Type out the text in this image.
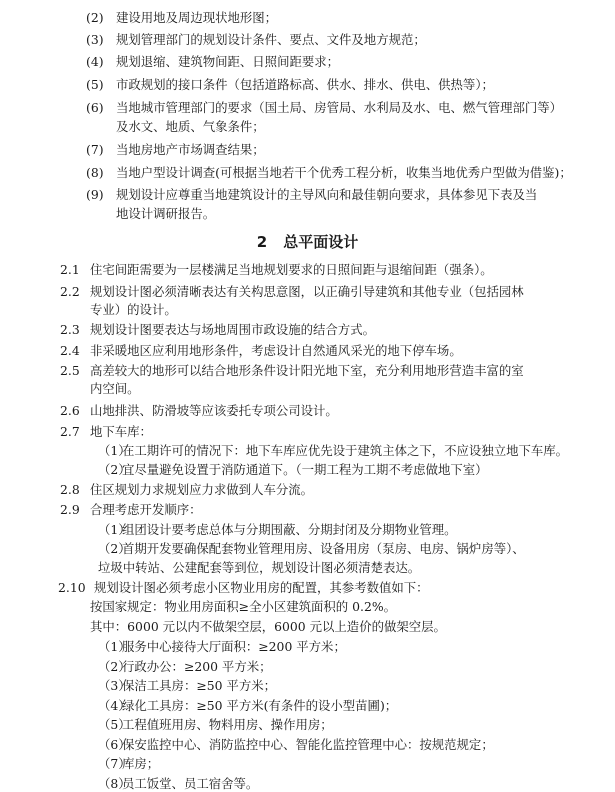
(2) 建设用地及周边现状地形图；
(3) 规划管理部门的规划设计条件、要点、文件及地方规范；
(4) 规划退缩、建筑物间距、日照间距要求；
(5) 市政规划的接口条件（包括道路标高、供水、排水、供电、供热等）；
(6) 当地城市管理部门的要求（国土局、房管局、水利局及水、电、燃气管理部门等）
及水文、地质、气象条件；
(7) 当地房地产市场调查结果；
(8) 当地户型设计调查(可根据当地若干个优秀工程分析，收集当地优秀户型做为借鉴)；
(9) 规划设计应尊重当地建筑设计的主导风向和最佳朝向要求，具体参见下表及当
地设计调研报告。
2 总平面设计
2.1 住宅间距需要为一层楼满足当地规划要求的日照间距与退缩间距（强条）。
2.2 规划设计图必须清晰表达有关构思意图，以正确引导建筑和其他专业（包括园林
专业）的设计。
2.3 规划设计图要表达与场地周围市政设施的结合方式。
2.4 非采暖地区应利用地形条件，考虑设计自然通风采光的地下停车场。
2.5 高差较大的地形可以结合地形条件设计阳光地下室，充分利用地形营造丰富的室
内空间。
2.6 山地排洪、防滑坡等应该委托专项公司设计。
2.7 地下车库：
（1）
在工期许可的情况下：地下车库应优先设于建筑主体之下，不应设独立地下车库。
（2）
宜尽量避免设置于消防通道下。（一期工程为工期不考虑做地下室）
2.8 住区规划力求规划应力求做到人车分流。
2.9 合理考虑开发顺序：
（1）
组团设计要考虑总体与分期围蔽、分期封闭及分期物业管理。
（2）
首期开发要确保配套物业管理用房、设备用房（泵房、电房、锅炉房等）、
垃圾中转站、公建配套等到位，规划设计图必须清楚表达。
2.10 规划设计图必须考虑小区物业用房的配置，其参考数值如下：
按国家规定：物业用房面积≥全小区建筑面积的 0.2%。
其中：6000 元以内不做架空层，6000 元以上造价的做架空层。
（1）
服务中心接待大厅面积：≥200 平方米；
（2）
行政办公：≥200 平方米；
（3）
保洁工具房：≥50 平方米；
（4）
绿化工具房：≥50 平方米(有条件的设小型苗圃)；
（5）
工程值班用房、物料用房、操作用房；
（6）
保安监控中心、消防监控中心、智能化监控管理中心：按规范规定；
（7）
库房；
（8）
员工饭堂、员工宿舍等。
